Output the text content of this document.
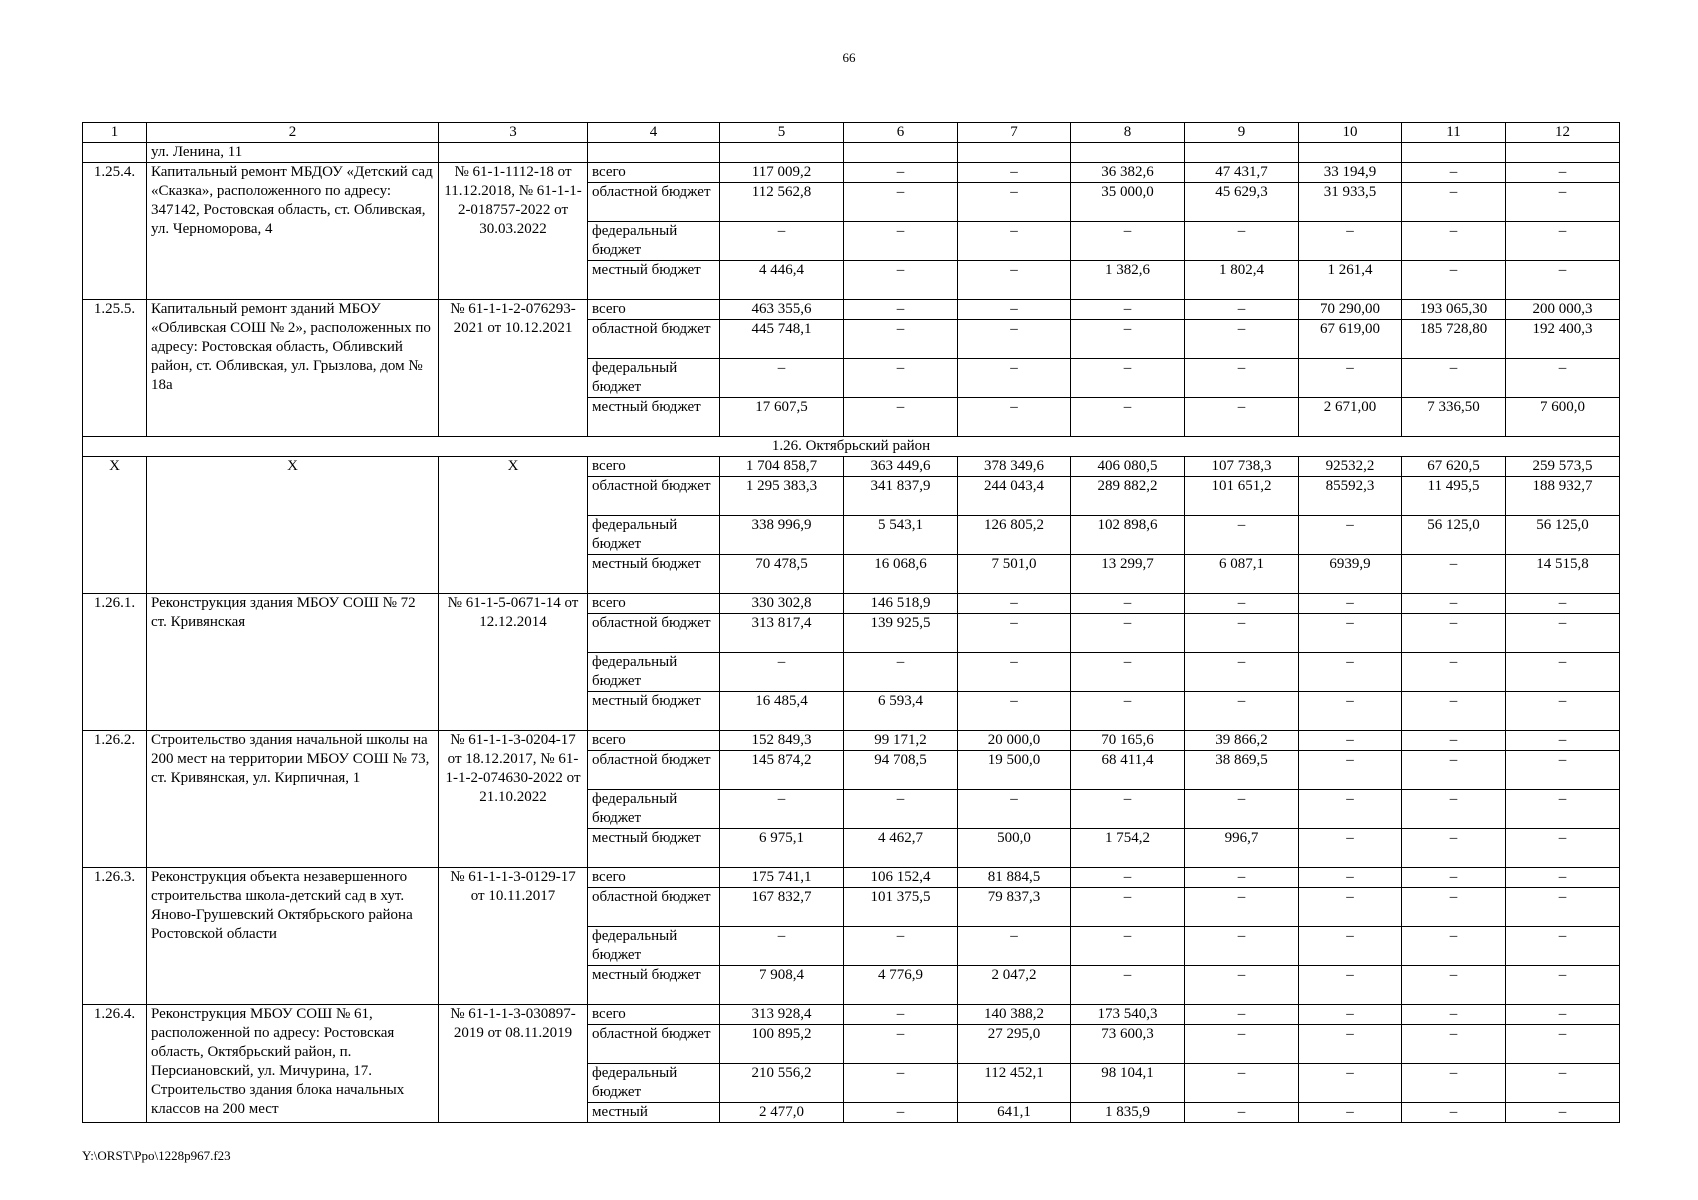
66
1	2	3	4	5	6	7	8	9	10	11	12
	ул. Ленина, 11										
1.25.4.	Капитальный ремонт МБДОУ «Детский сад «Сказка», расположенного по адресу: 347142, Ростовская область, ст. Обливская, ул. Черноморова, 4	№ 61-1-1112-18 от 11.12.2018, № 61-1-1-2-018757-2022 от 30.03.2022	всего	117 009,2	–	–	36 382,6	47 431,7	33 194,9	–	–
			областной бюджет	112 562,8	–	–	35 000,0	45 629,3	31 933,5	–	–
			федеральный бюджет	–	–	–	–	–	–	–	–
			местный бюджет	4 446,4	–	–	1 382,6	1 802,4	1 261,4	–	–
1.25.5.	Капитальный ремонт зданий МБОУ «Обливская СОШ № 2», расположенных по адресу: Ростовская область, Обливский район, ст. Обливская, ул. Грызлова, дом № 18а	№ 61-1-1-2-076293-2021 от 10.12.2021	всего	463 355,6	–	–	–	–	70 290,00	193 065,30	200 000,3
			областной бюджет	445 748,1	–	–	–	–	67 619,00	185 728,80	192 400,3
			федеральный бюджет	–	–	–	–	–	–	–	–
			местный бюджет	17 607,5	–	–	–	–	2 671,00	7 336,50	7 600,0
1.26. Октябрьский район											
Х	Х	Х	всего	1 704 858,7	363 449,6	378 349,6	406 080,5	107 738,3	92532,2	67 620,5	259 573,5
			областной бюджет	1 295 383,3	341 837,9	244 043,4	289 882,2	101 651,2	85592,3	11 495,5	188 932,7
			федеральный бюджет	338 996,9	5 543,1	126 805,2	102 898,6	–	–	56 125,0	56 125,0
			местный бюджет	70 478,5	16 068,6	7 501,0	13 299,7	6 087,1	6939,9	–	14 515,8
1.26.1.	Реконструкция здания МБОУ СОШ № 72 ст. Кривянская	№ 61-1-5-0671-14 от 12.12.2014	всего	330 302,8	146 518,9	–	–	–	–	–	–
			областной бюджет	313 817,4	139 925,5	–	–	–	–	–	–
			федеральный бюджет	–	–	–	–	–	–	–	–
			местный бюджет	16 485,4	6 593,4	–	–	–	–	–	–
1.26.2.	Строительство здания начальной школы на 200 мест на территории МБОУ СОШ № 73, ст. Кривянская, ул. Кирпичная, 1	№ 61-1-1-3-0204-17 от 18.12.2017, № 61-1-1-2-074630-2022 от 21.10.2022	всего	152 849,3	99 171,2	20 000,0	70 165,6	39 866,2	–	–	–
			областной бюджет	145 874,2	94 708,5	19 500,0	68 411,4	38 869,5	–	–	–
			федеральный бюджет	–	–	–	–	–	–	–	–
			местный бюджет	6 975,1	4 462,7	500,0	1 754,2	996,7	–	–	–
1.26.3.	Реконструкция объекта незавершенного строительства школа-детский сад в хут. Яново-Грушевский Октябрьского района Ростовской области	№ 61-1-1-3-0129-17 от 10.11.2017	всего	175 741,1	106 152,4	81 884,5	–	–	–	–	–
			областной бюджет	167 832,7	101 375,5	79 837,3	–	–	–	–	–
			федеральный бюджет	–	–	–	–	–	–	–	–
			местный бюджет	7 908,4	4 776,9	2 047,2	–	–	–	–	–
1.26.4.	Реконструкция МБОУ СОШ № 61, расположенной по адресу: Ростовская область, Октябрьский район, п. Персиановский, ул. Мичурина, 17. Строительство здания блока начальных классов на 200 мест	№ 61-1-1-3-030897-2019 от 08.11.2019	всего	313 928,4	–	140 388,2	173 540,3	–	–	–	–
			областной бюджет	100 895,2	–	27 295,0	73 600,3	–	–	–	–
			федеральный бюджет	210 556,2	–	112 452,1	98 104,1	–	–	–	–
			местный	2 477,0	–	641,1	1 835,9	–	–	–	–
Y:\ORST\Ppo\1228p967.f23
